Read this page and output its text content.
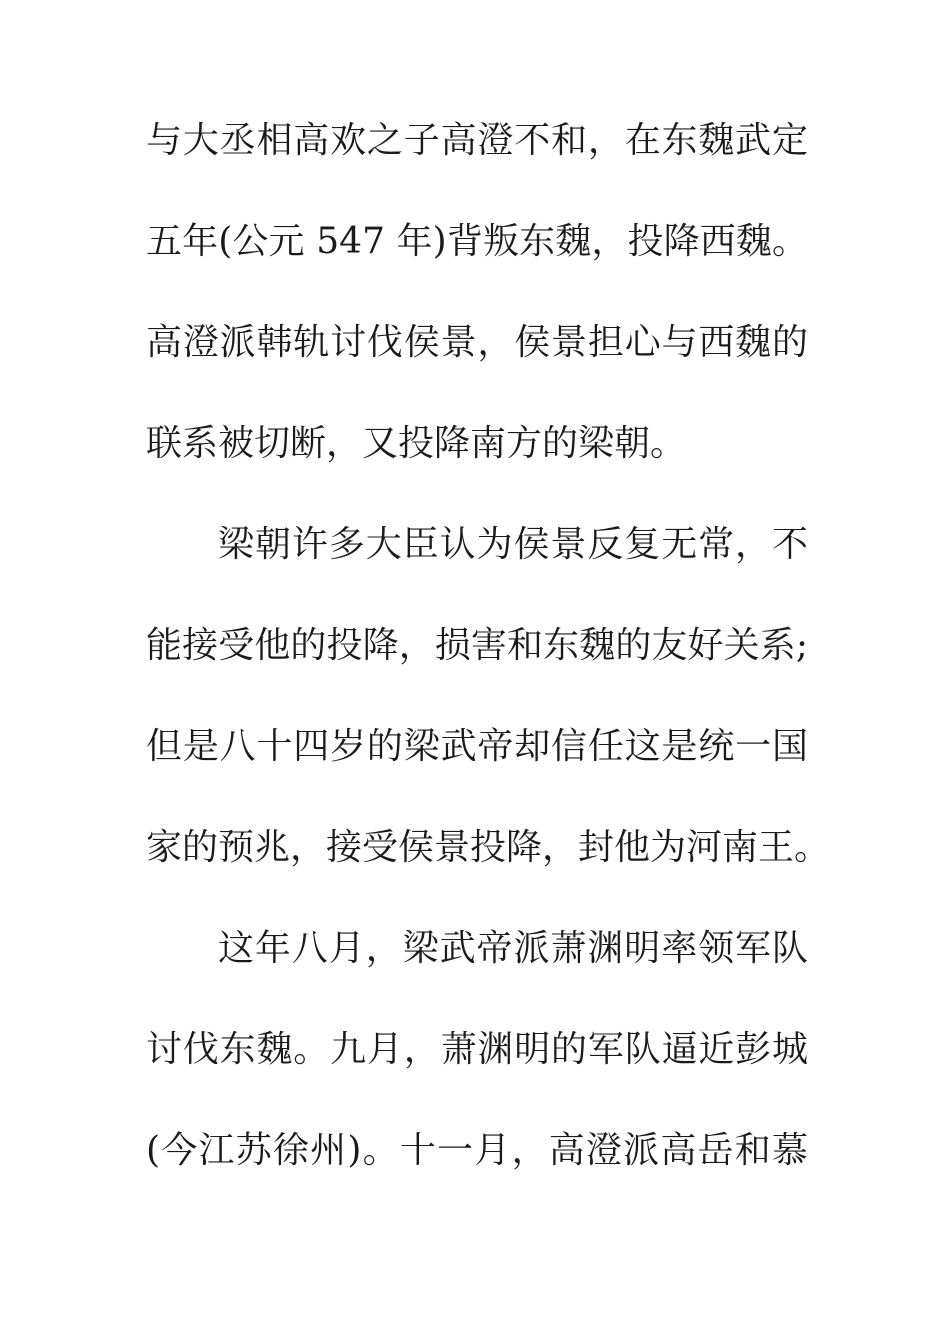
与大丞相高欢之子高澄不和，在东魏武定
五年(公元 547 年)背叛东魏，投降西魏。
高澄派韩轨讨伐侯景，侯景担心与西魏的
联系被切断，又投降南方的梁朝。
梁朝许多大臣认为侯景反复无常，不
能接受他的投降，损害和东魏的友好关系;
但是八十四岁的梁武帝却信任这是统一国
家的预兆，接受侯景投降，封他为河南王。
这年八月，梁武帝派萧渊明率领军队
讨伐东魏。九月，萧渊明的军队逼近彭城
(今江苏徐州)。十一月，高澄派高岳和慕
